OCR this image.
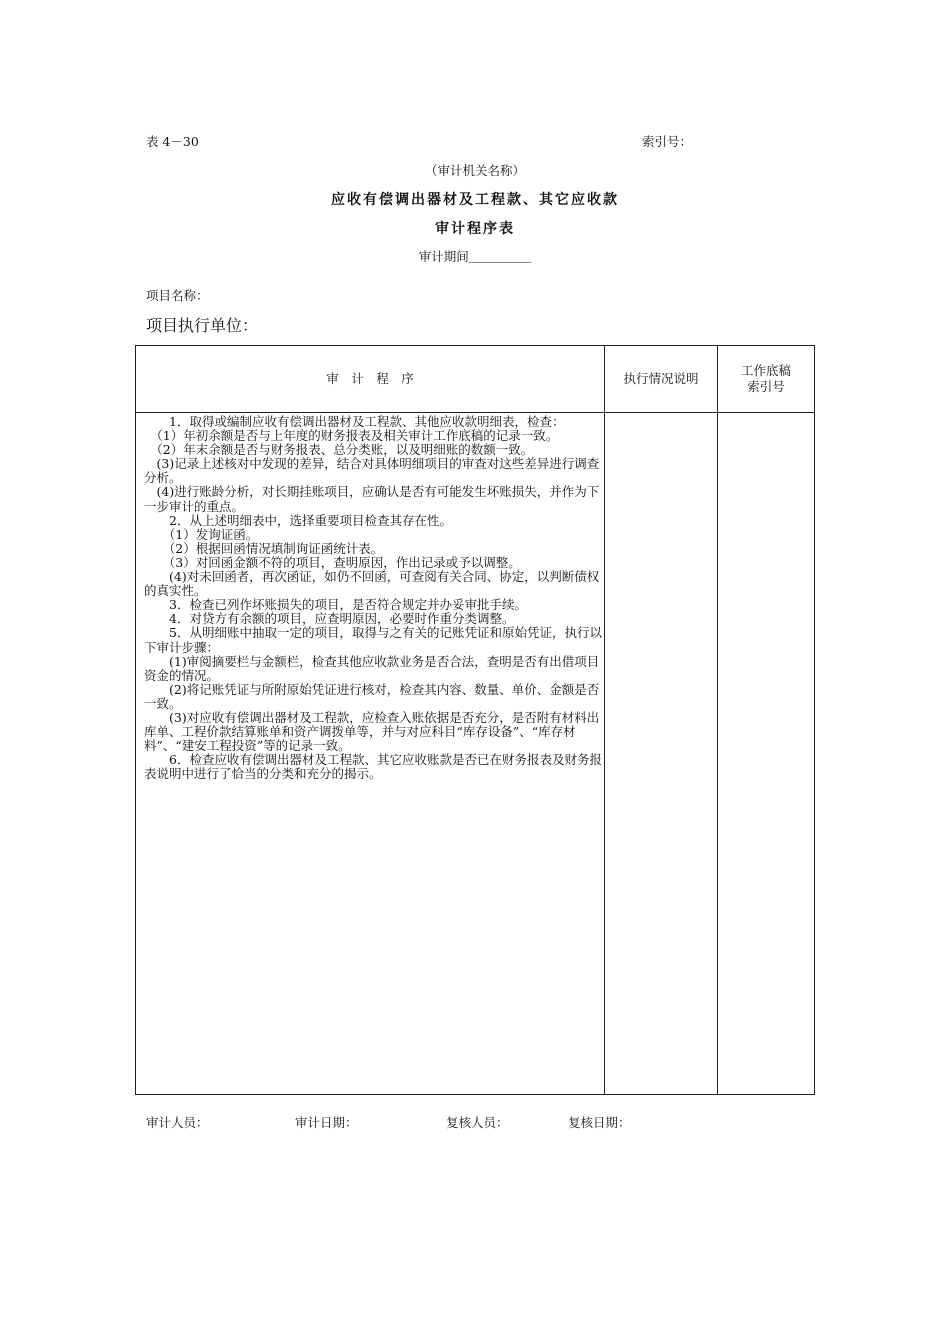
表 4－30	索引号：
（审计机关名称）
应收有偿调出器材及工程款、其它应收款
审计程序表
审计期间＿＿＿＿＿
项目名称：
项目执行单位：
审　计　程　序	执行情况说明
工作底稿
索引号

　　1．取得或编制应收有偿调出器材及工程款、其他应收款明细表，检查：

　（1）年初余额是否与上年度的财务报表及相关审计工作底稿的记录一致。

　（2）年末余额是否与财务报表、总分类账，以及明细账的数额一致。

　(3)记录上述核对中发现的差异，结合对具体明细项目的审查对这些差异进行调查分析。

　(4)进行账龄分析，对长期挂账项目，应确认是否有可能发生坏账损失，并作为下一步审计的重点。

　　2．从上述明细表中，选择重要项目检查其存在性。

　　（1）发询证函。

　　（2）根据回函情况填制询证函统计表。

　　（3）对回函金额不符的项目，查明原因，作出记录或予以调整。

　　(4)对未回函者，再次函证，如仍不回函，可查阅有关合同、协定，以判断债权的真实性。

　　3．检查已列作坏账损失的项目，是否符合规定并办妥审批手续。

　　4．对贷方有余额的项目，应查明原因，必要时作重分类调整。

　　5．从明细账中抽取一定的项目，取得与之有关的记账凭证和原始凭证，执行以下审计步骤：

　　(1)审阅摘要栏与金额栏，检查其他应收款业务是否合法，查明是否有出借项目资金的情况。

　　(2)将记账凭证与所附原始凭证进行核对，检查其内容、数量、单价、金额是否一致。

　　(3)对应收有偿调出器材及工程款，应检查入账依据是否充分，是否附有材料出库单、工程价款结算账单和资产调拨单等，并与对应科目“库存设备”、“库存材料”、“建安工程投资”等的记录一致。

　　6．检查应收有偿调出器材及工程款、其它应收账款是否已在财务报表及财务报表说明中进行了恰当的分类和充分的揭示。

审计人员：	审计日期：	复核人员：	复核日期：
